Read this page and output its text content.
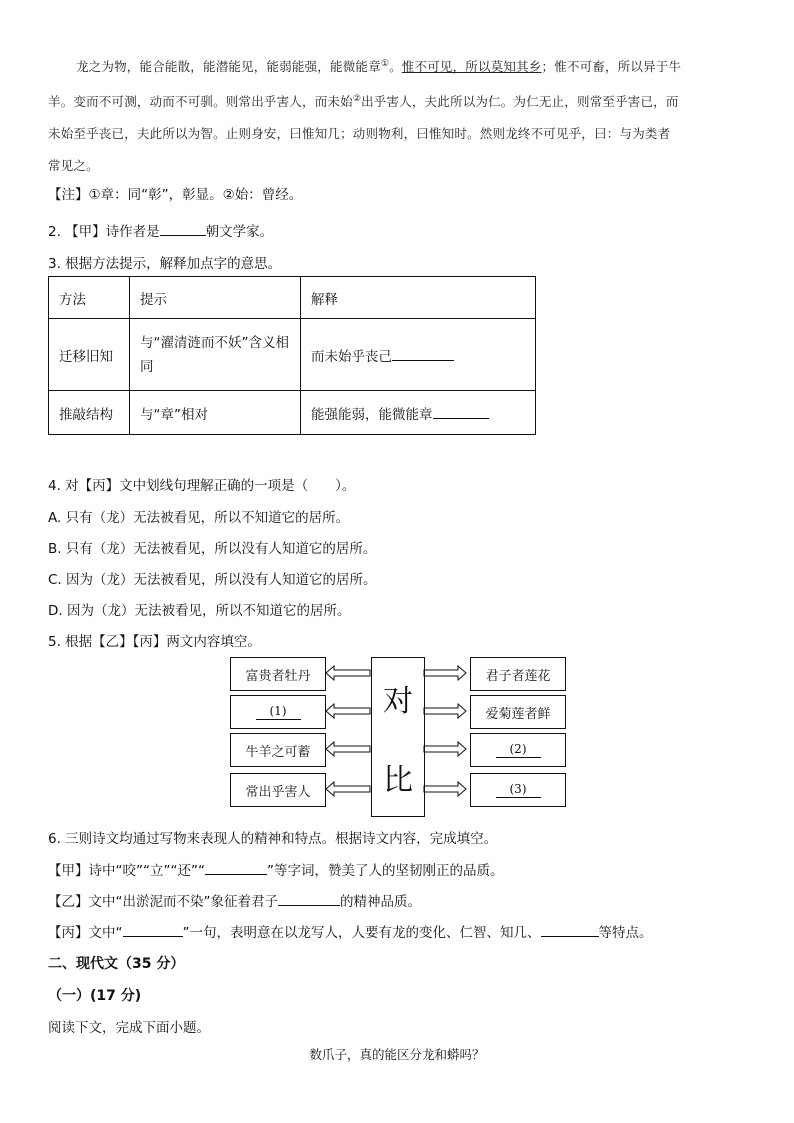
龙之为物，能合能散，能潜能见，能弱能强，能微能章①。惟不可见，所以莫知其乡；惟不可畜，所以异于牛

羊。变而不可测，动而不可驯。则常出乎害人，而未始②出乎害人，夫此所以为仁。为仁无止，则常至乎害已，而

未始至乎丧已，夫此所以为智。止则身安，曰惟知几；动则物利，曰惟知时。然则龙终不可见乎，曰：与为类者

常见之。

【注】①章：同“彰”，彰显。②始：曾经。
2. 【甲】诗作者是	朝文学家。
3. 根据方法提示，解释加点字的意思。
方法	提示	解释
迁移旧知	与“濯清涟而不妖”含义相同	而未始乎丧己
推敲结构	与“章”相对	能强能弱，能微能章
4. 对【丙】文中划线句理解正确的一项是（　　）。
A. 只有（龙）无法被看见，所以不知道它的居所。
B. 只有（龙）无法被看见，所以没有人知道它的居所。
C. 因为（龙）无法被看见，所以没有人知道它的居所。
D. 因为（龙）无法被看见，所以不知道它的居所。
5. 根据【乙】【丙】两文内容填空。
富贵者牡丹
(1)
牛羊之可蓄
常出乎害人
对
比
君子者莲花
爱菊莲者鲜
(2)
(3)
6. 三则诗文均通过写物来表现人的精神和特点。根据诗文内容，完成填空。
【甲】诗中“咬”“立”“还”“	”等字词，赞美了人的坚韧刚正的品质。
【乙】文中“出淤泥而不染”象征着君子	的精神品质。
【丙】文中“	”一句，表明意在以龙写人，人要有龙的变化、仁智、知几、	等特点。
二、现代文（35 分）
（一）(17 分)
阅读下文，完成下面小题。
数爪子，真的能区分龙和蟒吗？
